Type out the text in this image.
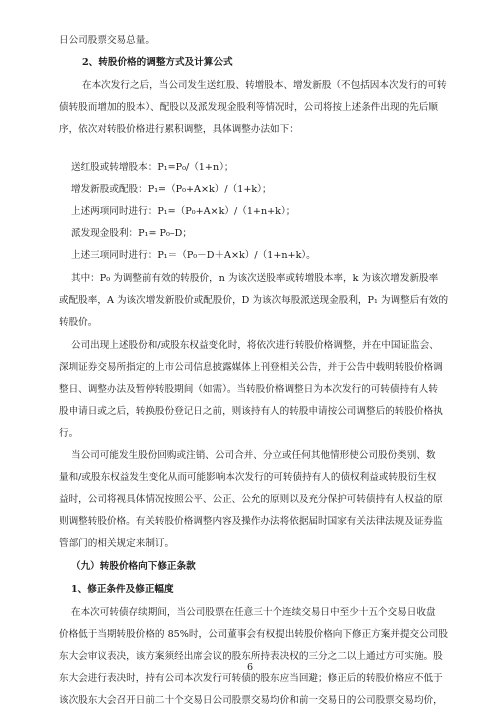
日公司股票交易总量。
2、转股价格的调整方式及计算公式
在本次发行之后，当公司发生送红股、转增股本、增发新股（不包括因本次发行的可转
债转股而增加的股本）、配股以及派发现金股利等情况时，公司将按上述条件出现的先后顺
序，依次对转股价格进行累积调整，具体调整办法如下：
送红股或转增股本：P₁=P₀/（1+n）；
增发新股或配股：P₁=（P₀+A×k）/（1+k）；
上述两项同时进行：P₁=（P₀+A×k）/（1+n+k）；
派发现金股利：P₁= P₀–D；
上述三项同时进行：P₁＝（P₀－D＋A×k）/（1+n+k）。
其中：P₀ 为调整前有效的转股价，n 为该次送股率或转增股本率，k 为该次增发新股率
或配股率，A 为该次增发新股价或配股价，D 为该次每股派送现金股利，P₁ 为调整后有效的
转股价。
公司出现上述股份和/或股东权益变化时，将依次进行转股价格调整，并在中国证监会、
深圳证券交易所指定的上市公司信息披露媒体上刊登相关公告，并于公告中载明转股价格调
整日、调整办法及暂停转股期间（如需）。当转股价格调整日为本次发行的可转债持有人转
股申请日或之后，转换股份登记日之前，则该持有人的转股申请按公司调整后的转股价格执
行。
当公司可能发生股份回购或注销、公司合并、分立或任何其他情形使公司股份类别、数
量和/或股东权益发生变化从而可能影响本次发行的可转债持有人的债权利益或转股衍生权
益时，公司将视具体情况按照公平、公正、公允的原则以及充分保护可转债持有人权益的原
则调整转股价格。有关转股价格调整内容及操作办法将依据届时国家有关法律法规及证券监
管部门的相关规定来制订。
（九）转股价格向下修正条款
1、修正条件及修正幅度
在本次可转债存续期间，当公司股票在任意三十个连续交易日中至少十五个交易日收盘
价格低于当期转股价格的 85%时，公司董事会有权提出转股价格向下修正方案并提交公司股
东大会审议表决，该方案须经出席会议的股东所持表决权的三分之二以上通过方可实施。股
东大会进行表决时，持有公司本次发行可转债的股东应当回避；修正后的转股价格应不低于
该次股东大会召开日前二十个交易日公司股票交易均价和前一交易日的公司股票交易均价，
6
